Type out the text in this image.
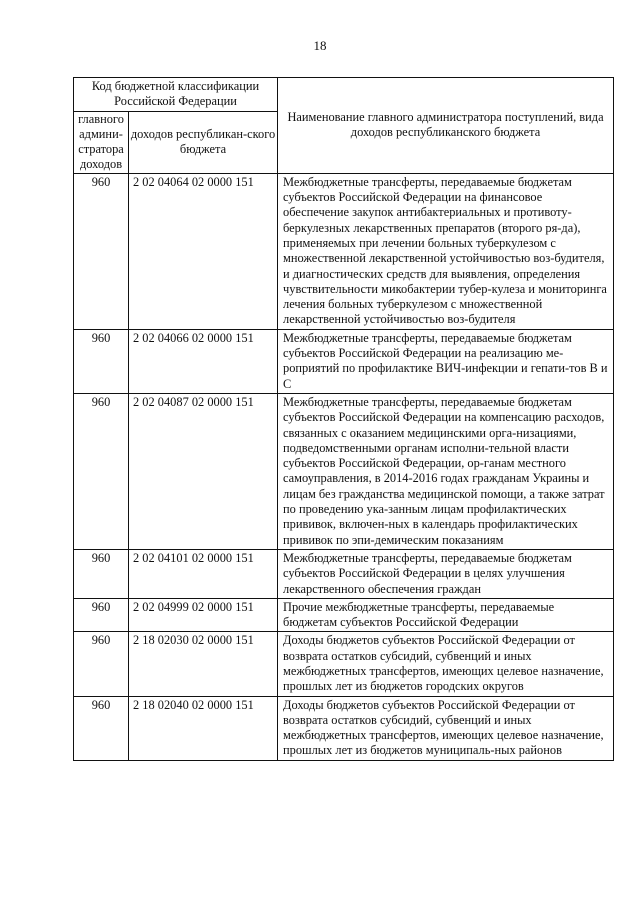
18
Код бюджетной классификации Российской Федерации		Наименование главного администратора поступлений, вида доходов республиканского бюджета
главного админи-стратора доходов	доходов республикан-ского бюджета	
960	2 02 04064 02 0000 151	Межбюджетные трансферты, передаваемые бюджетам субъектов Российской Федерации на финансовое обеспечение закупок антибактериальных и противоту-беркулезных лекарственных препаратов (второго ря-да), применяемых при лечении больных туберкулезом с множественной лекарственной устойчивостью воз-будителя, и диагностических средств для выявления, определения чувствительности микобактерии тубер-кулеза и мониторинга лечения больных туберкулезом с множественной лекарственной устойчивостью воз-будителя
960	2 02 04066 02 0000 151	Межбюджетные трансферты, передаваемые бюджетам субъектов Российской Федерации на реализацию ме-роприятий по профилактике ВИЧ-инфекции и гепати-тов В и С
960	2 02 04087 02 0000 151	Межбюджетные трансферты, передаваемые бюджетам субъектов Российской Федерации на компенсацию расходов, связанных с оказанием медицинскими орга-низациями, подведомственными органам исполни-тельной власти субъектов Российской Федерации, ор-ганам местного самоуправления, в 2014-2016 годах гражданам Украины и лицам без гражданства медицинской помощи, а также затрат по проведению ука-занным лицам профилактических прививок, включен-ных в календарь профилактических прививок по эпи-демическим показаниям
960	2 02 04101 02 0000 151	Межбюджетные трансферты, передаваемые бюджетам субъектов Российской Федерации в целях улучшения лекарственного обеспечения граждан
960	2 02 04999 02 0000 151	Прочие межбюджетные трансферты, передаваемые бюджетам субъектов Российской Федерации
960	2 18 02030 02 0000 151	Доходы бюджетов субъектов Российской Федерации от возврата остатков субсидий, субвенций и иных межбюджетных трансфертов, имеющих целевое назначение, прошлых лет из бюджетов городских округов
960	2 18 02040 02 0000 151	Доходы бюджетов субъектов Российской Федерации от возврата остатков субсидий, субвенций и иных межбюджетных трансфертов, имеющих целевое назначение, прошлых лет из бюджетов муниципаль-ных районов
